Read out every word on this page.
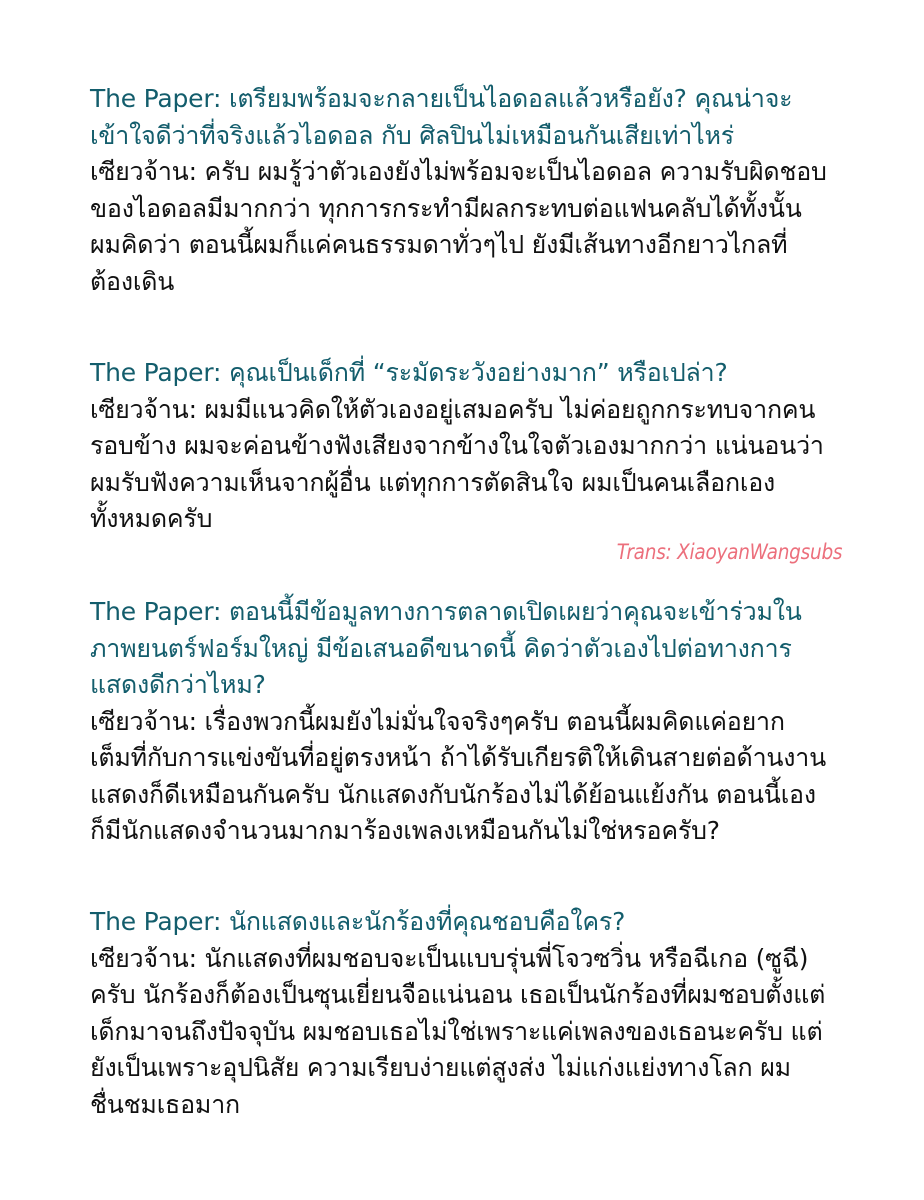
The Paper: เตรียมพร้อมจะกลายเป็นไอดอลแล้วหรือยัง? คุณน่าจะ
เข้าใจดีว่าที่จริงแล้วไอดอล กับ ศิลปินไม่เหมือนกันเสียเท่าไหร่
เซียวจ้าน: ครับ ผมรู้ว่าตัวเองยังไม่พร้อมจะเป็นไอดอล ความรับผิดชอบ
ของไอดอลมีมากกว่า ทุกการกระทำมีผลกระทบต่อแฟนคลับได้ทั้งนั้น
ผมคิดว่า ตอนนี้ผมก็แค่คนธรรมดาทั่วๆไป ยังมีเส้นทางอีกยาวไกลที่
ต้องเดิน
The Paper: คุณเป็นเด็กที่ “ระมัดระวังอย่างมาก” หรือเปล่า?
เซียวจ้าน: ผมมีแนวคิดให้ตัวเองอยู่เสมอครับ ไม่ค่อยถูกกระทบจากคน
รอบข้าง ผมจะค่อนข้างฟังเสียงจากข้างในใจตัวเองมากกว่า แน่นอนว่า
ผมรับฟังความเห็นจากผู้อื่น แต่ทุกการตัดสินใจ ผมเป็นคนเลือกเอง
ทั้งหมดครับ
Trans: XiaoyanWangsubs
The Paper: ตอนนี้มีข้อมูลทางการตลาดเปิดเผยว่าคุณจะเข้าร่วมใน
ภาพยนตร์ฟอร์มใหญ่ มีข้อเสนอดีขนาดนี้ คิดว่าตัวเองไปต่อทางการ
แสดงดีกว่าไหม?
เซียวจ้าน: เรื่องพวกนี้ผมยังไม่มั่นใจจริงๆครับ ตอนนี้ผมคิดแค่อยาก
เต็มที่กับการแข่งขันที่อยู่ตรงหน้า ถ้าได้รับเกียรติให้เดินสายต่อด้านงาน
แสดงก็ดีเหมือนกันครับ นักแสดงกับนักร้องไม่ได้ย้อนแย้งกัน ตอนนี้เอง
ก็มีนักแสดงจำนวนมากมาร้องเพลงเหมือนกันไม่ใช่หรอครับ?
The Paper: นักแสดงและนักร้องที่คุณชอบคือใคร?
เซียวจ้าน: นักแสดงที่ผมชอบจะเป็นแบบรุ่นพี่โจวซวิ่น หรือฉีเกอ (ซูฉี)
ครับ นักร้องก็ต้องเป็นซุนเยี่ยนจือแน่นอน เธอเป็นนักร้องที่ผมชอบตั้งแต่
เด็กมาจนถึงปัจจุบัน ผมชอบเธอไม่ใช่เพราะแค่เพลงของเธอนะครับ แต่
ยังเป็นเพราะอุปนิสัย ความเรียบง่ายแต่สูงส่ง ไม่แก่งแย่งทางโลก ผม
ชื่นชมเธอมาก
